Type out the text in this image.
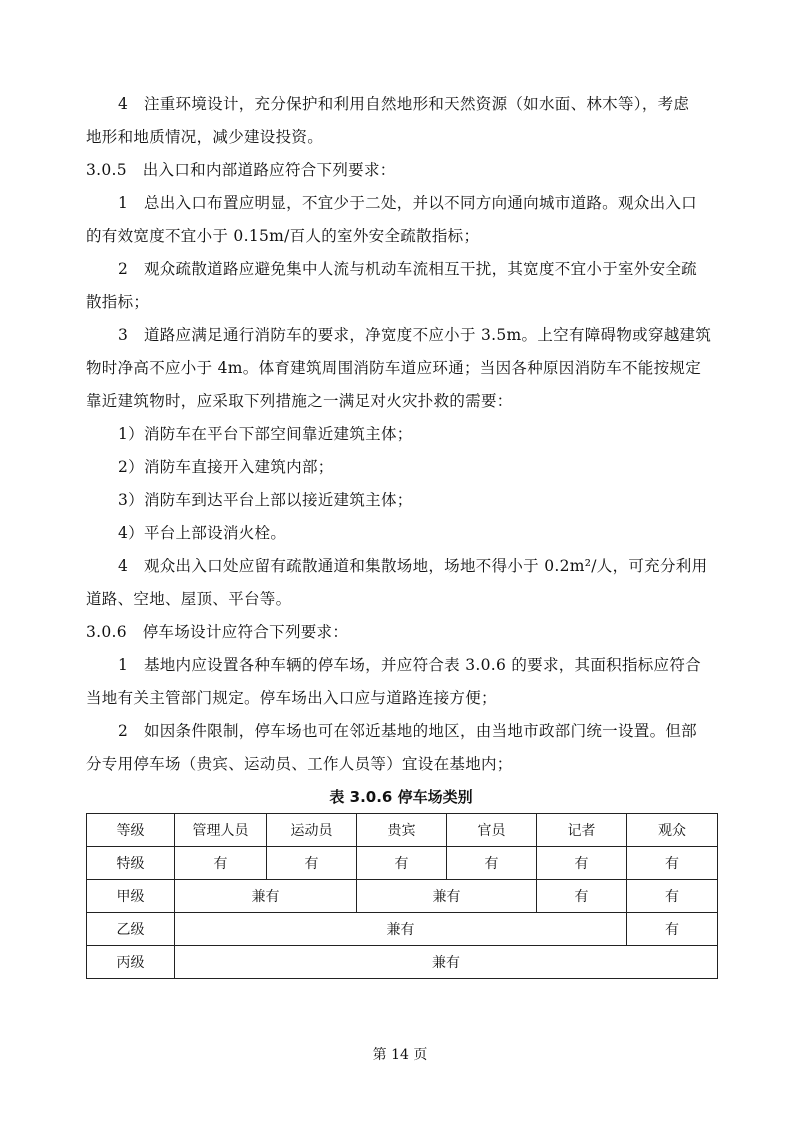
4　注重环境设计，充分保护和利用自然地形和天然资源（如水面、林木等），考虑

地形和地质情况，减少建设投资。

3.0.5　出入口和内部道路应符合下列要求：

1　总出入口布置应明显，不宜少于二处，并以不同方向通向城市道路。观众出入口

的有效宽度不宜小于 0.15m/百人的室外安全疏散指标；

2　观众疏散道路应避免集中人流与机动车流相互干扰，其宽度不宜小于室外安全疏

散指标；

3　道路应满足通行消防车的要求，净宽度不应小于 3.5m。上空有障碍物或穿越建筑

物时净高不应小于 4m。体育建筑周围消防车道应环通；当因各种原因消防车不能按规定

靠近建筑物时，应采取下列措施之一满足对火灾扑救的需要：

1）消防车在平台下部空间靠近建筑主体；

2）消防车直接开入建筑内部；

3）消防车到达平台上部以接近建筑主体；

4）平台上部设消火栓。

4　观众出入口处应留有疏散通道和集散场地，场地不得小于 0.2m²/人，可充分利用

道路、空地、屋顶、平台等。

3.0.6　停车场设计应符合下列要求：

1　基地内应设置各种车辆的停车场，并应符合表 3.0.6 的要求，其面积指标应符合

当地有关主管部门规定。停车场出入口应与道路连接方便；

2　如因条件限制，停车场也可在邻近基地的地区，由当地市政部门统一设置。但部

分专用停车场（贵宾、运动员、工作人员等）宜设在基地内；

表 3.0.6 停车场类别
等级	管理人员	运动员	贵宾	官员	记者	观众
特级	有	有	有	有	有	有
甲级	兼有		兼有		有	有
乙级	兼有					有
丙级	兼有					
第 14 页
